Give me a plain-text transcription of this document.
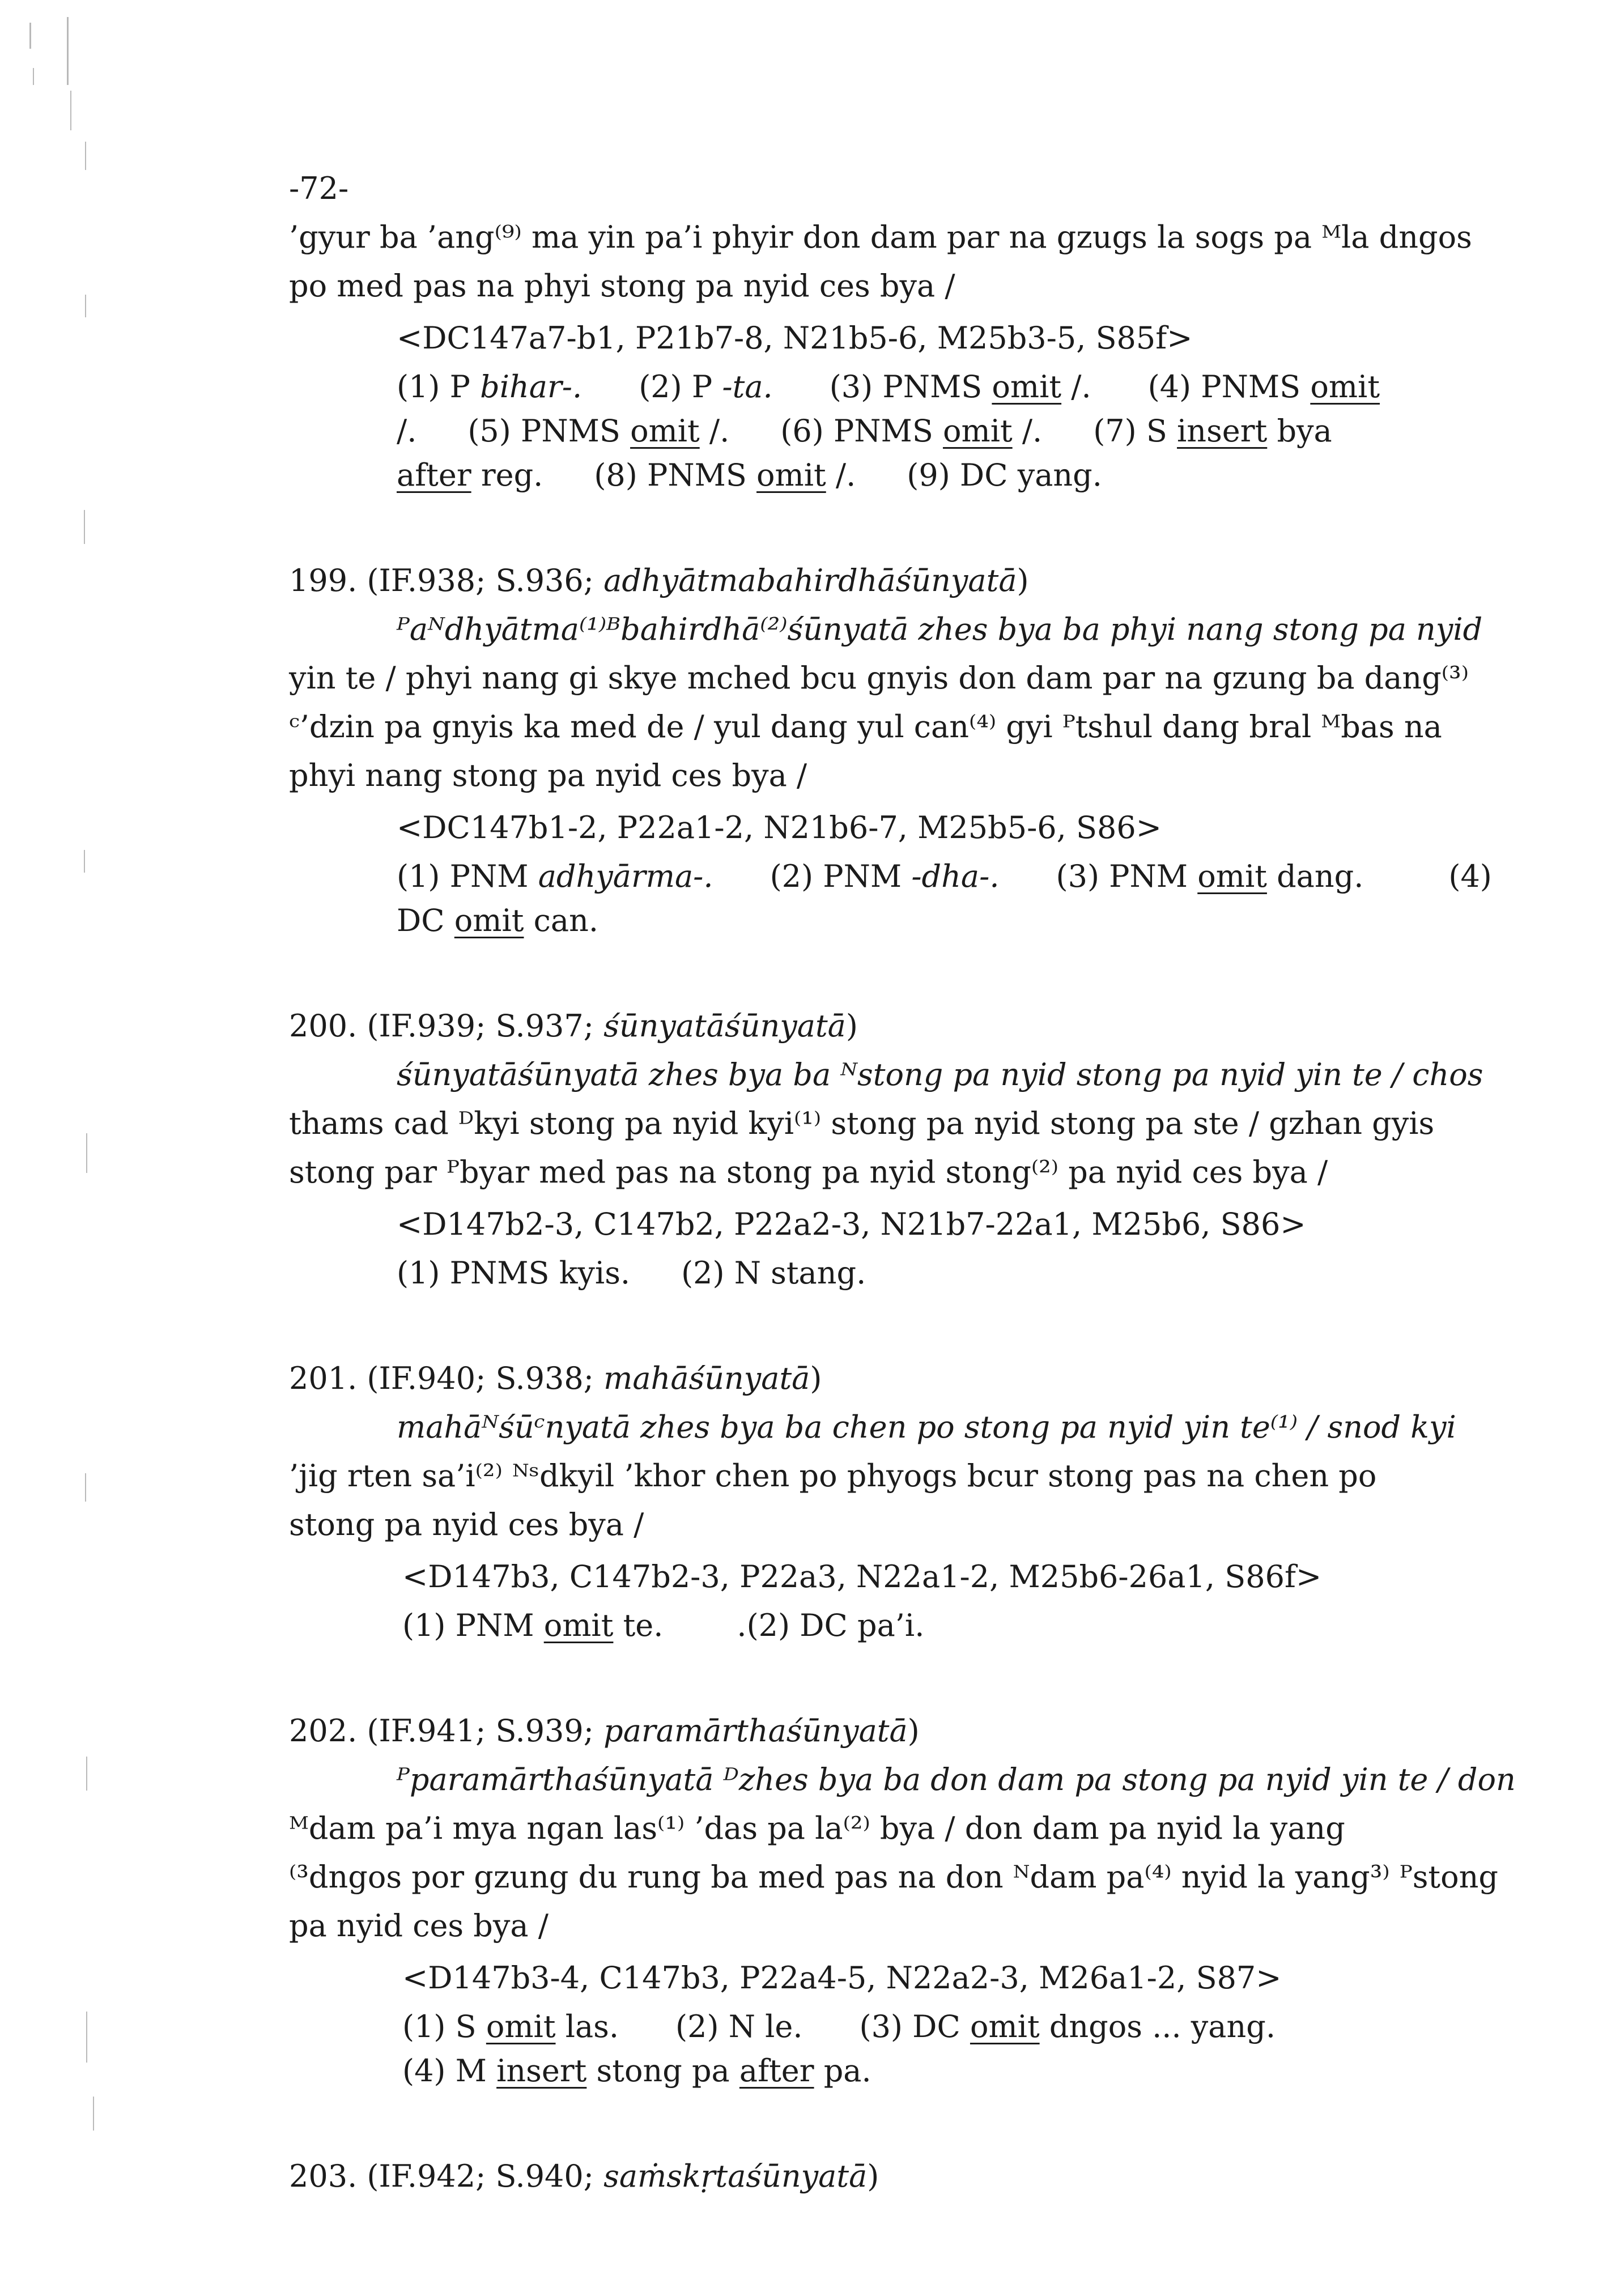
-72-
’gyur ba ’ang⁽⁹⁾ ma yin pa’i phyir don dam par na gzugs la sogs pa ᴹla dngos
po med pas na phyi stong pa nyid ces bya /
<DC147a7-b1, P21b7-8, N21b5-6, M25b3-5, S85f>
(1) P bihar-. (2) P -ta. (3) PNMS omit /. (4) PNMS omit
/. (5) PNMS omit /. (6) PNMS omit /. (7) S insert bya
after reg. (8) PNMS omit /. (9) DC yang.
199. (IF.938; S.936; adhyātmabahirdhāśūnyatā)
ᴾaᴺdhyātma⁽¹⁾ᴮbahirdhā⁽²⁾śūnyatā zhes bya ba phyi nang stong pa nyid
yin te / phyi nang gi skye mched bcu gnyis don dam par na gzung ba dang⁽³⁾
ᶜ’dzin pa gnyis ka med de / yul dang yul can⁽⁴⁾ gyi ᴾtshul dang bral ᴹbas na
phyi nang stong pa nyid ces bya /
<DC147b1-2, P22a1-2, N21b6-7, M25b5-6, S86>
(1) PNM adhyārma-. (2) PNM -dha-. (3) PNM omit dang.	(4)
DC omit can.
200. (IF.939; S.937; śūnyatāśūnyatā)
śūnyatāśūnyatā zhes bya ba ᴺstong pa nyid stong pa nyid yin te / chos
thams cad ᴰkyi stong pa nyid kyi⁽¹⁾ stong pa nyid stong pa ste / gzhan gyis
stong par ᴾbyar med pas na stong pa nyid stong⁽²⁾ pa nyid ces bya /
<D147b2-3, C147b2, P22a2-3, N21b7-22a1, M25b6, S86>
(1) PNMS kyis. (2) N stang.
201. (IF.940; S.938; mahāśūnyatā)
mahāᴺśūᶜnyatā zhes bya ba chen po stong pa nyid yin te⁽¹⁾ / snod kyi
’jig rten sa’i⁽²⁾ ᴺˢdkyil ’khor chen po phyogs bcur stong pas na chen po
stong pa nyid ces bya /
<D147b3, C147b2-3, P22a3, N22a1-2, M25b6-26a1, S86f>
(1) PNM omit te. .(2) DC pa’i.
202. (IF.941; S.939; paramārthaśūnyatā)
ᴾparamārthaśūnyatā ᴰzhes bya ba don dam pa stong pa nyid yin te / don
ᴹdam pa’i mya ngan las⁽¹⁾ ’das pa la⁽²⁾ bya / don dam pa nyid la yang
⁽³dngos por gzung du rung ba med pas na don ᴺdam pa⁽⁴⁾ nyid la yang³⁾ ᴾstong
pa nyid ces bya /
<D147b3-4, C147b3, P22a4-5, N22a2-3, M26a1-2, S87>
(1) S omit las. (2) N le. (3) DC omit dngos ... yang.
(4) M insert stong pa after pa.
203. (IF.942; S.940; saṁskṛtaśūnyatā)
